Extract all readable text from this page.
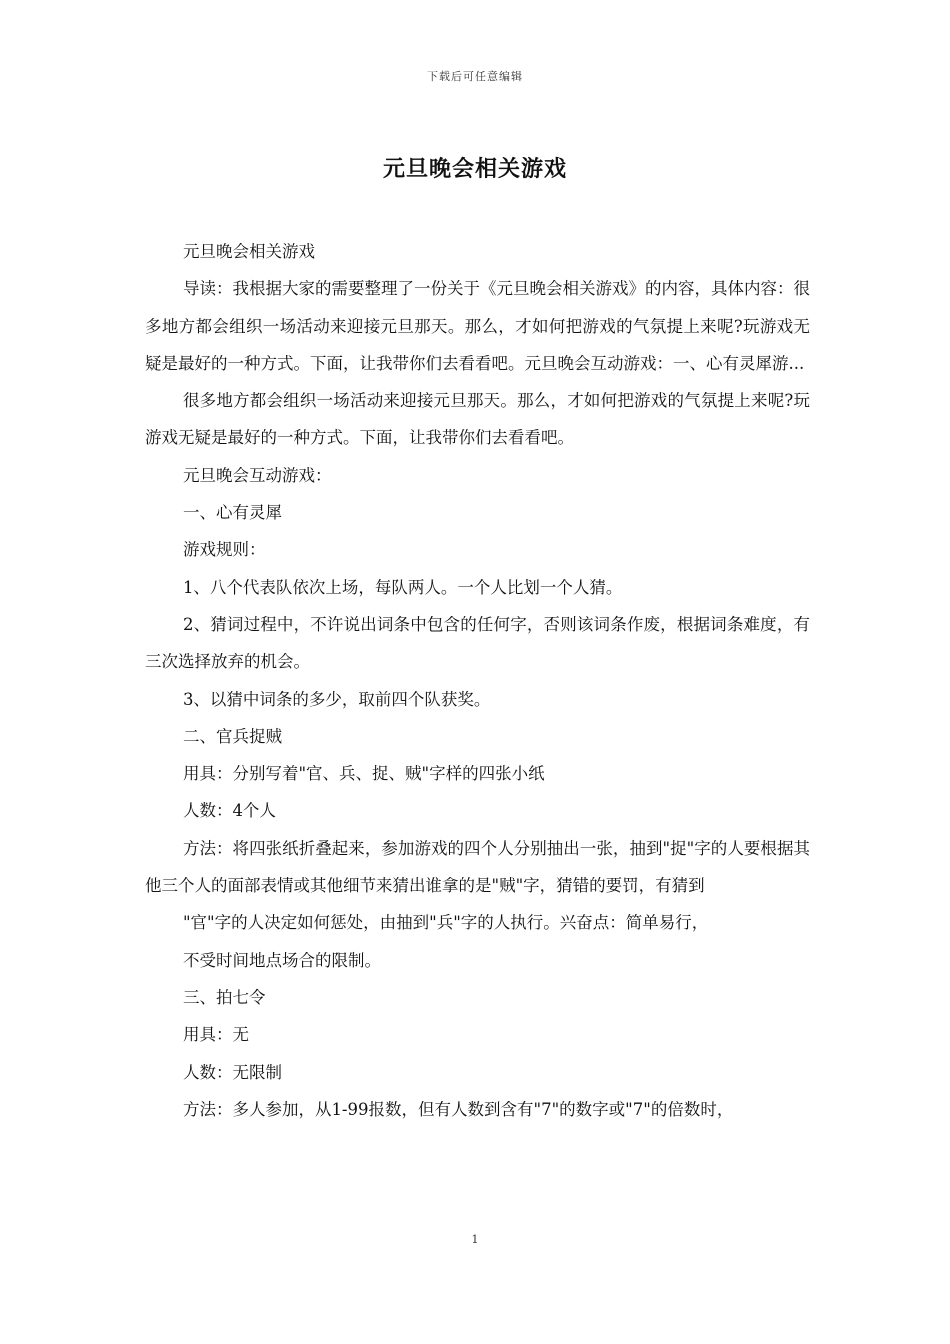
下载后可任意编辑
元旦晚会相关游戏

元旦晚会相关游戏

导读：我根据大家的需要整理了一份关于《元旦晚会相关游戏》的内容，具体内容：很多地方都会组织一场活动来迎接元旦那天。那么，才如何把游戏的气氛提上来呢?玩游戏无疑是最好的一种方式。下面，让我带你们去看看吧。元旦晚会互动游戏：一、心有灵犀游...

很多地方都会组织一场活动来迎接元旦那天。那么，才如何把游戏的气氛提上来呢?玩游戏无疑是最好的一种方式。下面，让我带你们去看看吧。

元旦晚会互动游戏：

一、心有灵犀

游戏规则：

1、八个代表队依次上场，每队两人。一个人比划一个人猜。

2、猜词过程中，不许说出词条中包含的任何字，否则该词条作废，根据词条难度，有三次选择放弃的机会。

3、以猜中词条的多少，取前四个队获奖。

二、官兵捉贼

用具：分别写着"官、兵、捉、贼"字样的四张小纸

人数：4个人

方法：将四张纸折叠起来，参加游戏的四个人分别抽出一张，抽到"捉"字的人要根据其他三个人的面部表情或其他细节来猜出谁拿的是"贼"字，猜错的要罚，有猜到

"官"字的人决定如何惩处，由抽到"兵"字的人执行。兴奋点：简单易行，

不受时间地点场合的限制。

三、拍七令

用具：无

人数：无限制

方法：多人参加，从1-99报数，但有人数到含有"7"的数字或"7"的倍数时，

1
